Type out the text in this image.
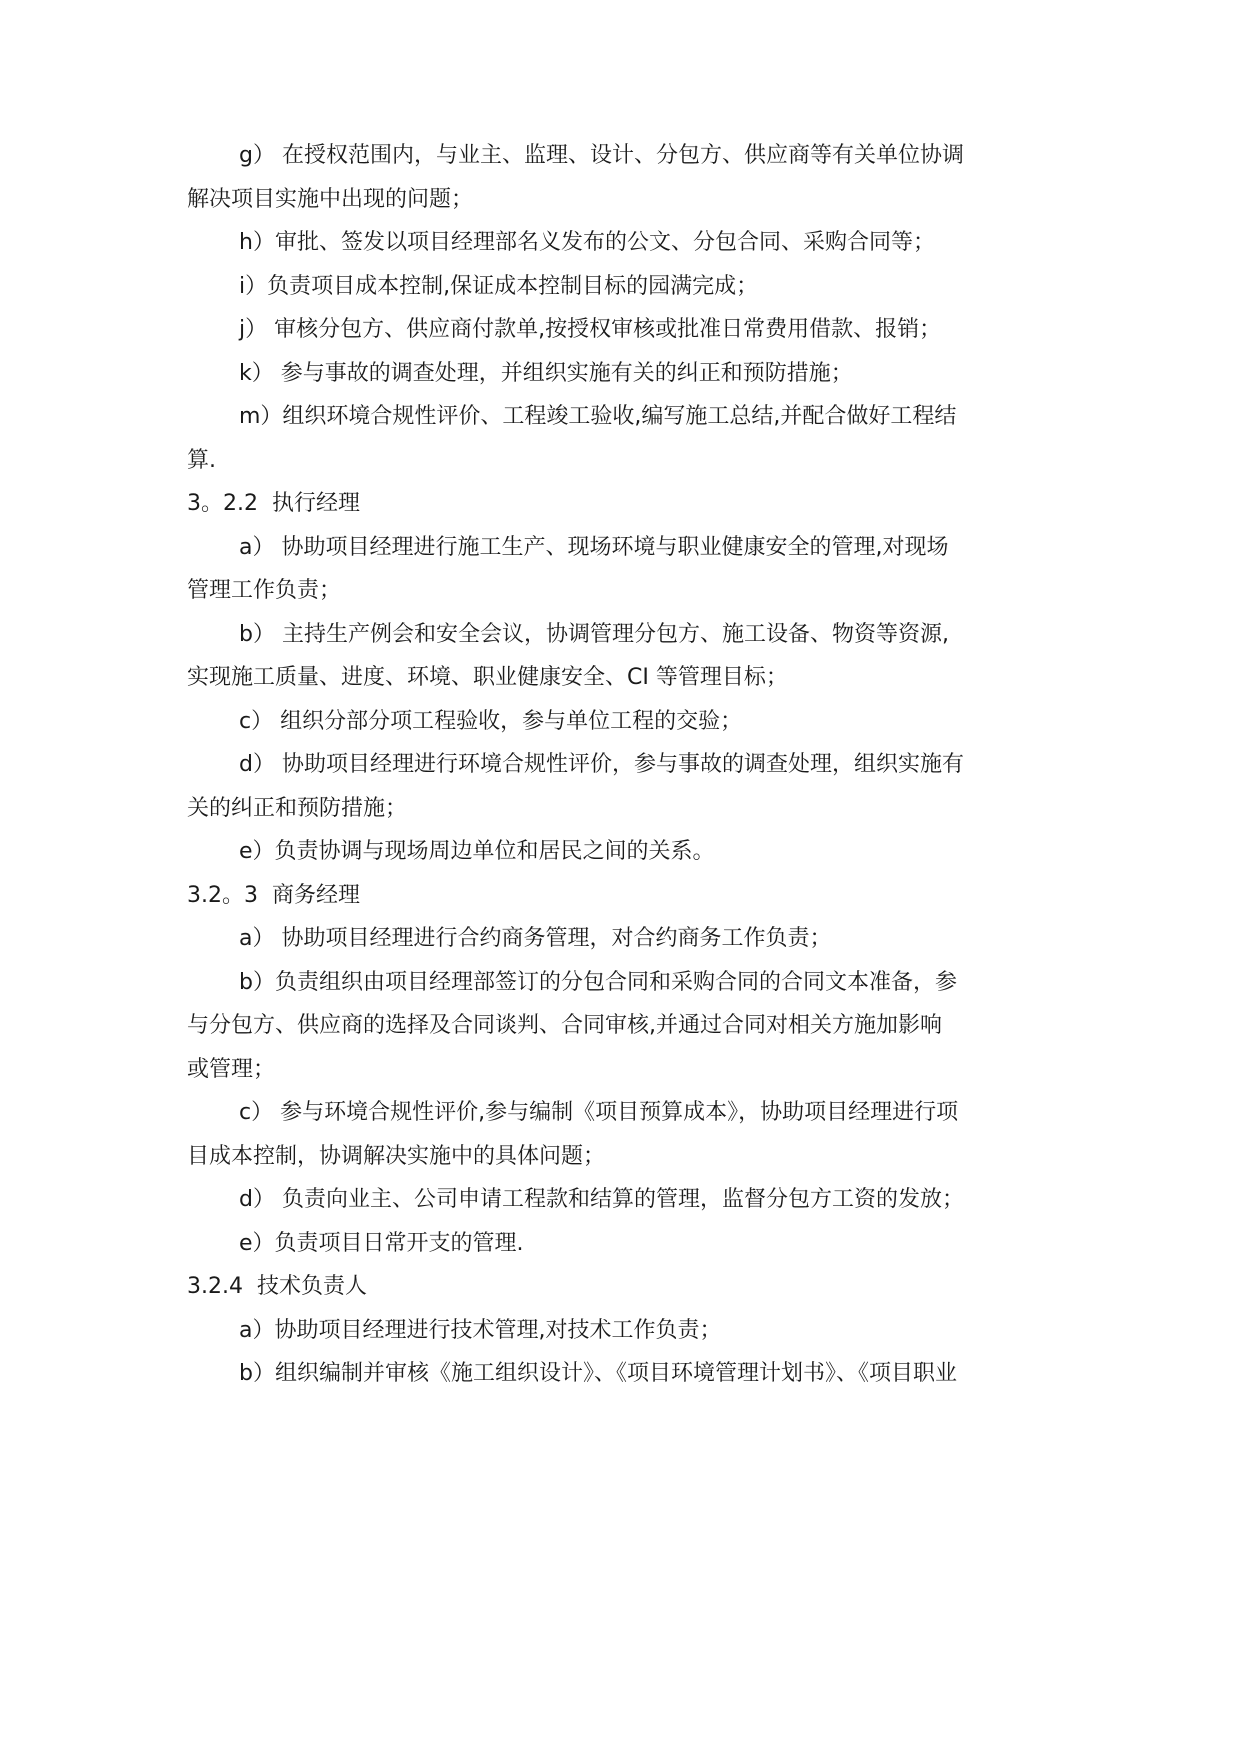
g） 在授权范围内，与业主、监理、设计、分包方、供应商等有关单位协调
解决项目实施中出现的问题；
h）审批、签发以项目经理部名义发布的公文、分包合同、采购合同等；
i）负责项目成本控制,保证成本控制目标的园满完成；
j） 审核分包方、供应商付款单,按授权审核或批准日常费用借款、报销；
k） 参与事故的调查处理，并组织实施有关的纠正和预防措施；
m）组织环境合规性评价、工程竣工验收,编写施工总结,并配合做好工程结
算.
3。2.2  执行经理
a） 协助项目经理进行施工生产、现场环境与职业健康安全的管理,对现场
管理工作负责；
b） 主持生产例会和安全会议，协调管理分包方、施工设备、物资等资源,
实现施工质量、进度、环境、职业健康安全、CI 等管理目标；
c） 组织分部分项工程验收，参与单位工程的交验；
d） 协助项目经理进行环境合规性评价，参与事故的调查处理，组织实施有
关的纠正和预防措施；
e）负责协调与现场周边单位和居民之间的关系。
3.2。3  商务经理
a） 协助项目经理进行合约商务管理，对合约商务工作负责；
b）负责组织由项目经理部签订的分包合同和采购合同的合同文本准备，参
与分包方、供应商的选择及合同谈判、合同审核,并通过合同对相关方施加影响
或管理；
c） 参与环境合规性评价,参与编制《项目预算成本》，协助项目经理进行项
目成本控制，协调解决实施中的具体问题；
d） 负责向业主、公司申请工程款和结算的管理，监督分包方工资的发放；
e）负责项目日常开支的管理.
3.2.4  技术负责人
a）协助项目经理进行技术管理,对技术工作负责；
b）组织编制并审核《施工组织设计》、《项目环境管理计划书》、《项目职业
